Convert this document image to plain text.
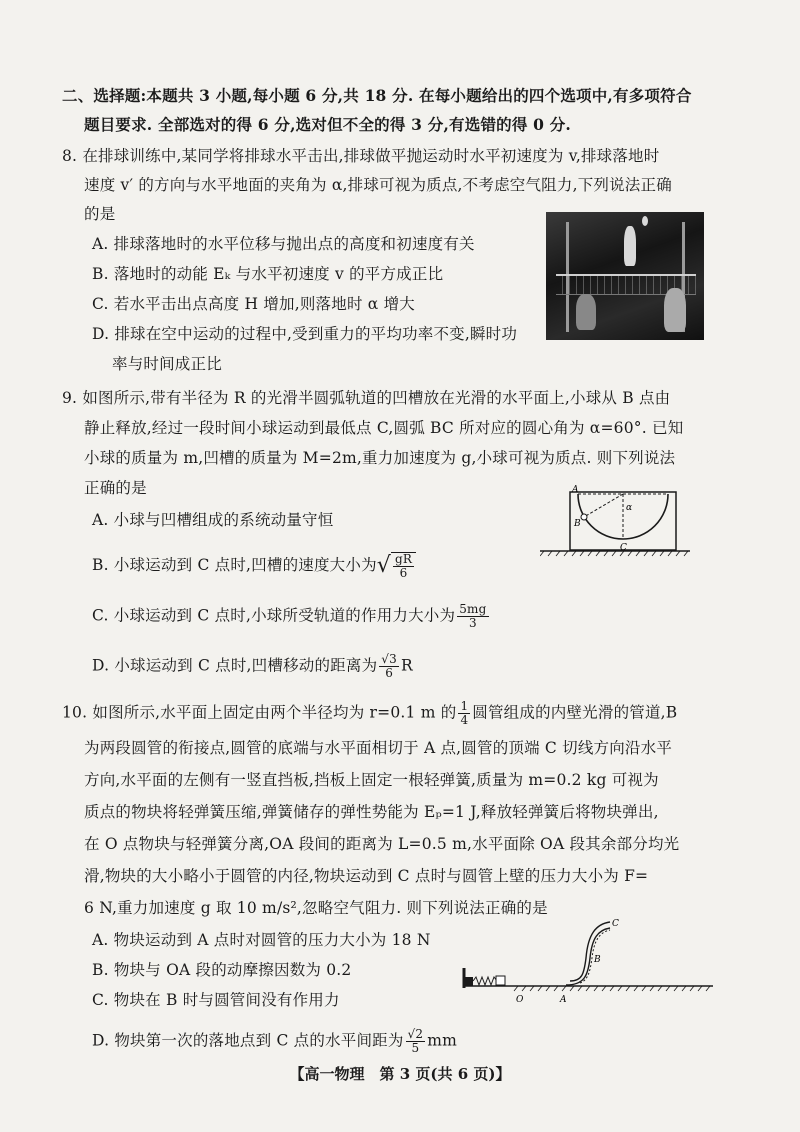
二、选择题:本题共 3 小题,每小题 6 分,共 18 分. 在每小题给出的四个选项中,有多项符合
题目要求. 全部选对的得 6 分,选对但不全的得 3 分,有选错的得 0 分.
8. 在排球训练中,某同学将排球水平击出,排球做平抛运动时水平初速度为 v,排球落地时
速度 v′ 的方向与水平地面的夹角为 α,排球可视为质点,不考虑空气阻力,下列说法正确
的是
A. 排球落地时的水平位移与抛出点的高度和初速度有关
B. 落地时的动能 Eₖ 与水平初速度 v 的平方成正比
C. 若水平击出点高度 H 增加,则落地时 α 增大
D. 排球在空中运动的过程中,受到重力的平均功率不变,瞬时功
率与时间成正比
9. 如图所示,带有半径为 R 的光滑半圆弧轨道的凹槽放在光滑的水平面上,小球从 B 点由
静止释放,经过一段时间小球运动到最低点 C,圆弧 BC 所对应的圆心角为 α=60°. 已知
小球的质量为 m,凹槽的质量为 M=2m,重力加速度为 g,小球可视为质点. 则下列说法
正确的是
A. 小球与凹槽组成的系统动量守恒
B. 小球运动到 C 点时,凹槽的速度大小为√ $\frac{gR}{6}$
C. 小球运动到 C 点时,小球所受轨道的作用力大小为 $\frac{5mg}{3}$
D. 小球运动到 C 点时,凹槽移动的距离为 $\frac{√3}{6}$ R
A
B
C
α
10. 如图所示,水平面上固定由两个半径均为 r=0.1 m 的 $\frac{1}{4}$ 圆管组成的内壁光滑的管道,B
为两段圆管的衔接点,圆管的底端与水平面相切于 A 点,圆管的顶端 C 切线方向沿水平
方向,水平面的左侧有一竖直挡板,挡板上固定一根轻弹簧,质量为 m=0.2 kg 可视为
质点的物块将轻弹簧压缩,弹簧储存的弹性势能为 Eₚ=1 J,释放轻弹簧后将物块弹出,
在 O 点物块与轻弹簧分离,OA 段间的距离为 L=0.5 m,水平面除 OA 段其余部分均光
滑,物块的大小略小于圆管的内径,物块运动到 C 点时与圆管上壁的压力大小为 F=
6 N,重力加速度 g 取 10 m/s²,忽略空气阻力. 则下列说法正确的是
A. 物块运动到 A 点时对圆管的压力大小为 18 N
B. 物块与 OA 段的动摩擦因数为 0.2
C. 物块在 B 时与圆管间没有作用力
D. 物块第一次的落地点到 C 点的水平间距为 $\frac{√2}{5}$ mm
O	A
B
C
【高一物理　第 3 页(共 6 页)】
